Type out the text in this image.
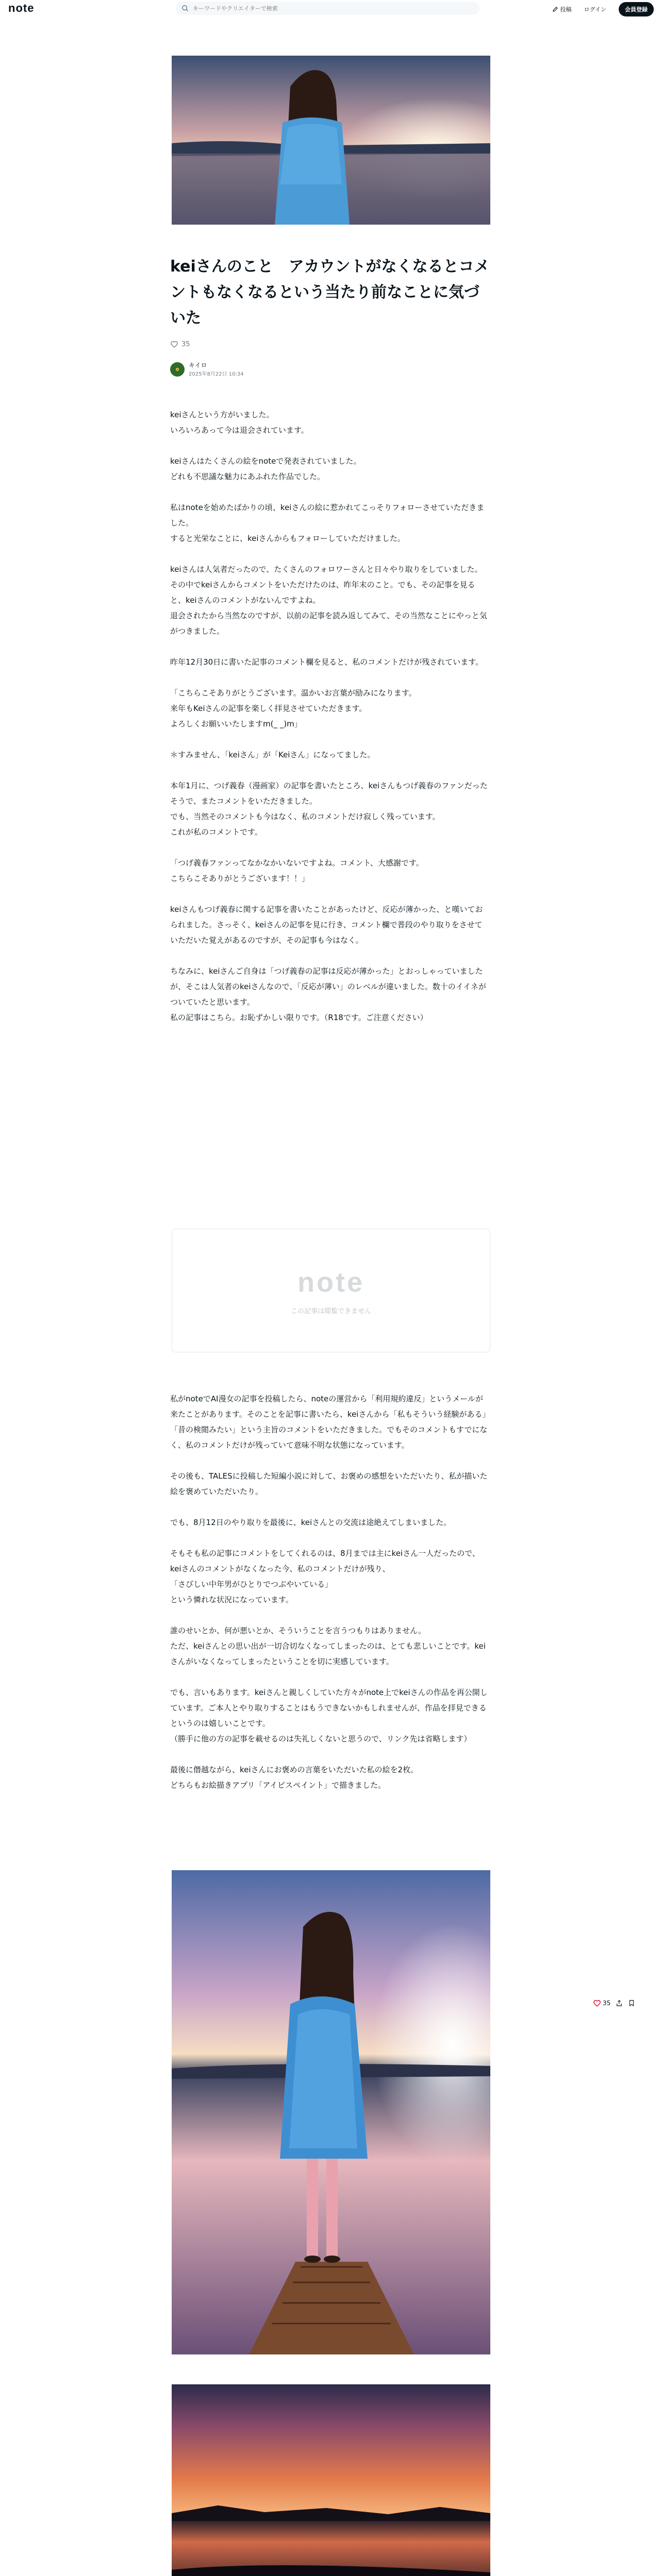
note
キーワードやクリエイターで検索	投稿 ログイン	会員登録
keiさんのこと　アカウントがなくなるとコメントもなくなるという当たり前なことに気づいた
35
キイロ
2025年8月22日 10:34

keiさんという方がいました。
いろいろあって今は退会されています。

keiさんはたくさんの絵をnoteで発表されていました。
どれも不思議な魅力にあふれた作品でした。

私はnoteを始めたばかりの頃、keiさんの絵に惹かれてこっそりフォローさせていただきました。
すると光栄なことに、keiさんからもフォローしていただけました。

keiさんは人気者だったので、たくさんのフォロワーさんと日々やり取りをしていました。
その中でkeiさんからコメントをいただけたのは、昨年末のこと。でも、その記事を見ると、keiさんのコメントがないんですよね。
退会されたから当然なのですが、以前の記事を読み返してみて、その当然なことにやっと気がつきました。

昨年12月30日に書いた記事のコメント欄を見ると、私のコメントだけが残されています。

「こちらこそありがとうございます。温かいお言葉が励みになります。
来年もKeiさんの記事を楽しく拝見させていただきます。
よろしくお願いいたしますm(_ _)m」

＊すみません、「keiさん」が「Keiさん」になってました。

本年1月に、つげ義春（漫画家）の記事を書いたところ、keiさんもつげ義春のファンだったそうで、またコメントをいただきました。
でも、当然そのコメントも今はなく、私のコメントだけ寂しく残っています。
これが私のコメントです。

「つげ義春ファンってなかなかいないですよね。コメント、大感謝です。
こちらこそありがとうございます！！」

keiさんもつげ義春に関する記事を書いたことがあったけど、反応が薄かった、と嘆いておられました。さっそく、keiさんの記事を見に行き、コメント欄で普段のやり取りをさせていただいた覚えがあるのですが、その記事も今はなく。

ちなみに、keiさんご自身は「つげ義春の記事は反応が薄かった」とおっしゃっていましたが、そこは人気者のkeiさんなので、「反応が薄い」のレベルが違いました。数十のイイネがついていたと思います。
私の記事はこちら。お恥ずかしい限りです。（R18です。ご注意ください）

note
この記事は閲覧できません

私がnoteでAI漫女の記事を投稿したら、noteの運営から「利用規約違反」というメールが来たことがあります。そのことを記事に書いたら、keiさんから「私もそういう経験がある」「昔の検閲みたい」という主旨のコメントをいただきました。でもそのコメントもすでになく、私のコメントだけが残っていて意味不明な状態になっています。

その後も、TALESに投稿した短編小説に対して、お褒めの感想をいただいたり、私が描いた絵を褒めていただいたり。

でも、8月12日のやり取りを最後に、keiさんとの交流は途絶えてしまいました。

そもそも私の記事にコメントをしてくれるのは、8月までは主にkeiさん一人だったので、keiさんのコメントがなくなった今、私のコメントだけが残り、
「さびしい中年男がひとりでつぶやいている」
という憐れな状況になっています。

誰のせいとか、何が悪いとか、そういうことを言うつもりはありません。
ただ、keiさんとの思い出が一切合切なくなってしまったのは、とても悲しいことです。keiさんがいなくなってしまったということを切に実感しています。

でも、言いもあります。keiさんと親しくしていた方々がnote上でkeiさんの作品を再公開しています。ご本人とやり取りすることはもうできないかもしれませんが、作品を拝見できるというのは嬉しいことです。
（勝手に他の方の記事を載せるのは失礼しくないと思うので、リンク先は省略します）

最後に僭越ながら、keiさんにお褒めの言葉をいただいた私の絵を2枚。
どちらもお絵描きアプリ「アイビスペイント」で描きました。

35
